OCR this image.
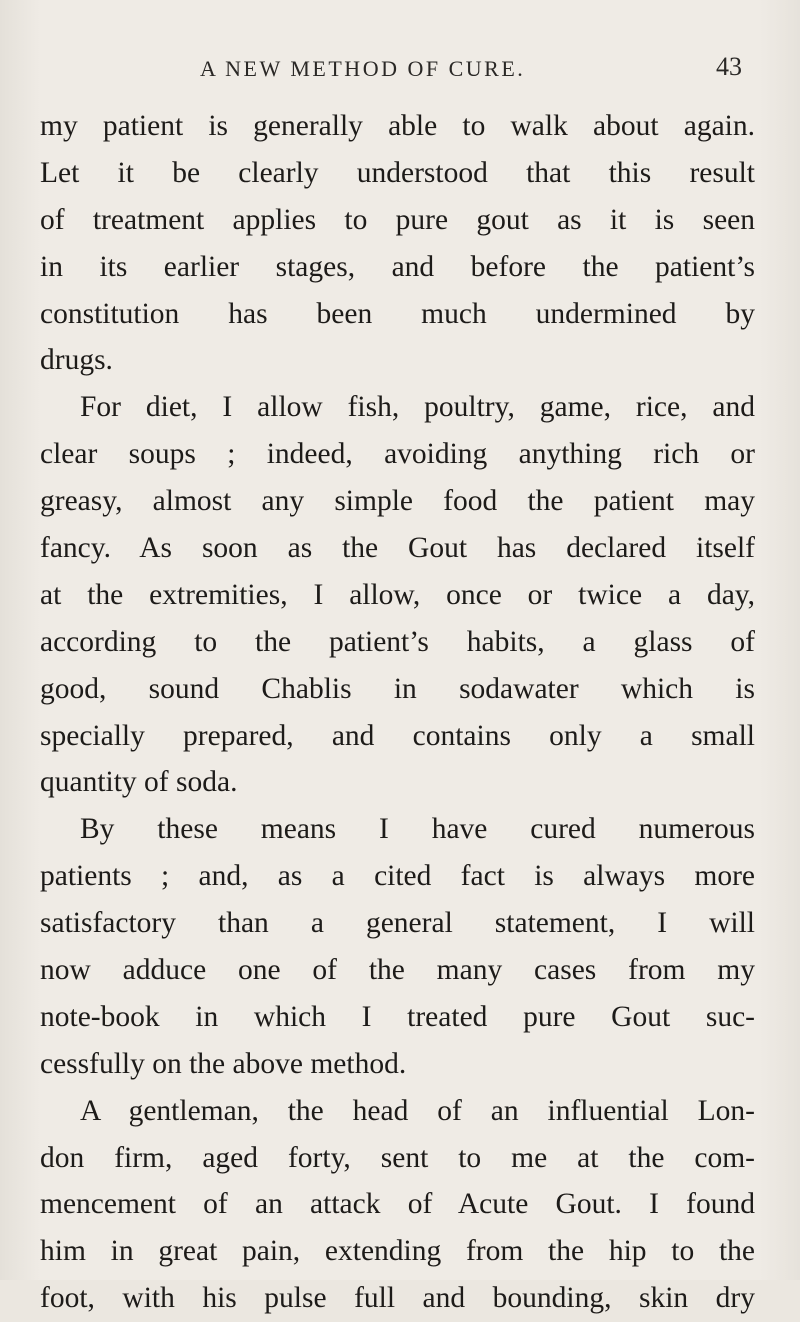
A NEW METHOD OF CURE.	43
my patient is generally able to walk about again.
Let it be clearly understood that this result
of treatment applies to pure gout as it is seen
in its earlier stages, and before the patient’s
constitution has been much undermined by
drugs.
For diet, I allow fish, poultry, game, rice, and
clear soups ; indeed, avoiding anything rich or
greasy, almost any simple food the patient may
fancy. As soon as the Gout has declared itself
at the extremities, I allow, once or twice a day,
according to the patient’s habits, a glass of
good, sound Chablis in sodawater which is
specially prepared, and contains only a small
quantity of soda.
By these means I have cured numerous
patients ; and, as a cited fact is always more
satisfactory than a general statement, I will
now adduce one of the many cases from my
note-book in which I treated pure Gout suc-
cessfully on the above method.
A gentleman, the head of an influential Lon-
don firm, aged forty, sent to me at the com-
mencement of an attack of Acute Gout. I found
him in great pain, extending from the hip to the
foot, with his pulse full and bounding, skin dry
